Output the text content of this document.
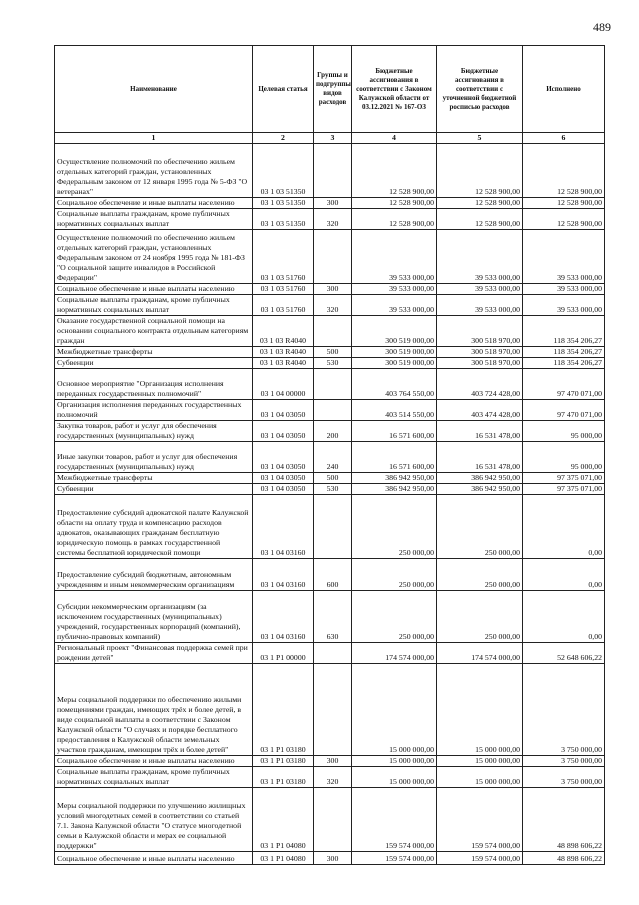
489
Наименование	Целевая статья	Группы и подгруппы видов расходов	Бюджетные ассигнования в соответствии с Законом Калужской области от 03.12.2021 № 167-ОЗ	Бюджетные ассигнования в соответствии с уточненной бюджетной росписью расходов	Исполнено
1	2	3	4	5	6
Осуществление полномочий по обеспечению жильем отдельных категорий граждан, установленных Федеральным законом от 12 января 1995 года № 5-ФЗ "О ветеранах"	03 1 03 51350		12 528 900,00	12 528 900,00	12 528 900,00
Социальное обеспечение и иные выплаты населению	03 1 03 51350	300	12 528 900,00	12 528 900,00	12 528 900,00
Социальные выплаты гражданам, кроме публичных нормативных социальных выплат	03 1 03 51350	320	12 528 900,00	12 528 900,00	12 528 900,00
Осуществление полномочий по обеспечению жильем отдельных категорий граждан, установленных Федеральным законом от 24 ноября 1995 года № 181-ФЗ "О социальной защите инвалидов в Российской Федерации"	03 1 03 51760		39 533 000,00	39 533 000,00	39 533 000,00
Социальное обеспечение и иные выплаты населению	03 1 03 51760	300	39 533 000,00	39 533 000,00	39 533 000,00
Социальные выплаты гражданам, кроме публичных нормативных социальных выплат	03 1 03 51760	320	39 533 000,00	39 533 000,00	39 533 000,00
Оказание государственной социальной помощи на основании социального контракта отдельным категориям граждан	03 1 03 R4040		300 519 000,00	300 518 970,00	118 354 206,27
Межбюджетные трансферты	03 1 03 R4040	500	300 519 000,00	300 518 970,00	118 354 206,27
Субвенции	03 1 03 R4040	530	300 519 000,00	300 518 970,00	118 354 206,27
Основное мероприятие "Организация исполнения переданных государственных полномочий"	03 1 04 00000		403 764 550,00	403 724 428,00	97 470 071,00
Организация исполнения переданных государственных полномочий	03 1 04 03050		403 514 550,00	403 474 428,00	97 470 071,00
Закупка товаров, работ и услуг для обеспечения государственных (муниципальных) нужд	03 1 04 03050	200	16 571 600,00	16 531 478,00	95 000,00
Иные закупки товаров, работ и услуг для обеспечения государственных (муниципальных) нужд	03 1 04 03050	240	16 571 600,00	16 531 478,00	95 000,00
Межбюджетные трансферты	03 1 04 03050	500	386 942 950,00	386 942 950,00	97 375 071,00
Субвенции	03 1 04 03050	530	386 942 950,00	386 942 950,00	97 375 071,00
Предоставление субсидий адвокатской палате Калужской области на оплату труда и компенсацию расходов адвокатов, оказывающих гражданам бесплатную юридическую помощь в рамках государственной системы бесплатной юридической помощи	03 1 04 03160		250 000,00	250 000,00	0,00
Предоставление субсидий бюджетным, автономным учреждениям и иным некоммерческим организациям	03 1 04 03160	600	250 000,00	250 000,00	0,00
Субсидии некоммерческим организациям (за исключением государственных (муниципальных) учреждений, государственных корпораций (компаний), публично-правовых компаний)	03 1 04 03160	630	250 000,00	250 000,00	0,00
Региональный проект "Финансовая поддержка семей при рождении детей"	03 1 P1 00000		174 574 000,00	174 574 000,00	52 648 606,22
Меры социальной поддержки по обеспечению жилыми помещениями граждан, имеющих трёх и более детей, в виде социальной выплаты в соответствии с Законом Калужской области "О случаях и порядке бесплатного предоставления в Калужской области земельных участков гражданам, имеющим трёх и более детей"	03 1 P1 03180		15 000 000,00	15 000 000,00	3 750 000,00
Социальное обеспечение и иные выплаты населению	03 1 P1 03180	300	15 000 000,00	15 000 000,00	3 750 000,00
Социальные выплаты гражданам, кроме публичных нормативных социальных выплат	03 1 P1 03180	320	15 000 000,00	15 000 000,00	3 750 000,00
Меры социальной поддержки по улучшению жилищных условий многодетных семей в соответствии со статьей 7.1. Закона Калужской области "О статусе многодетной семьи в Калужской области и мерах ее социальной поддержки"	03 1 P1 04080		159 574 000,00	159 574 000,00	48 898 606,22
Социальное обеспечение и иные выплаты населению	03 1 P1 04080	300	159 574 000,00	159 574 000,00	48 898 606,22
